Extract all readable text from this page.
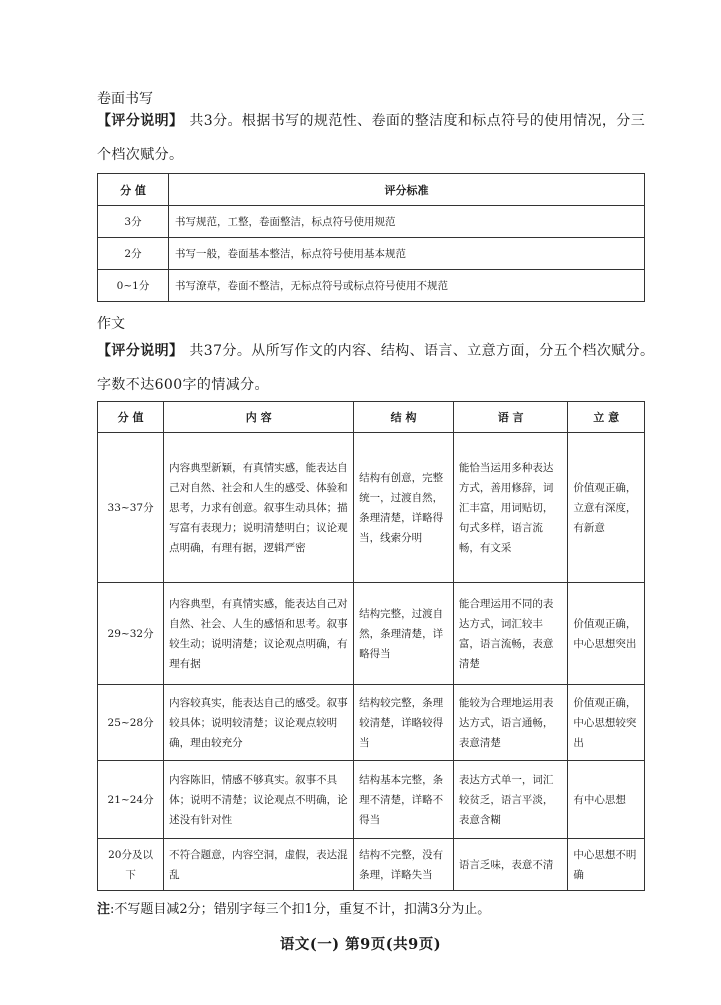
卷面书写
【评分说明】 共3分。根据书写的规范性、卷面的整洁度和标点符号的使用情况，分三个档次赋分。
分 值	评分标准
3分	书写规范，工整，卷面整洁，标点符号使用规范
2分	书写一般，卷面基本整洁，标点符号使用基本规范
0~1分	书写潦草，卷面不整洁，无标点符号或标点符号使用不规范
作文
【评分说明】 共37分。从所写作文的内容、结构、语言、立意方面，分五个档次赋分。字数不达600字的情减分。
分 值	内 容	结 构	语 言	立 意
33~37分	内容典型新颖，有真情实感，能表达自己对自然、社会和人生的感受、体验和思考，力求有创意。叙事生动具体；描写富有表现力；说明清楚明白；议论观点明确，有理有据，逻辑严密	结构有创意，完整统一，过渡自然，条理清楚，详略得当，线索分明	能恰当运用多种表达方式，善用修辞，词汇丰富，用词贴切，句式多样，语言流畅，有文采	价值观正确，立意有深度，有新意
29~32分	内容典型，有真情实感，能表达自己对自然、社会、人生的感悟和思考。叙事较生动；说明清楚；议论观点明确，有理有据	结构完整，过渡自然，条理清楚，详略得当	能合理运用不同的表达方式，词汇较丰富，语言流畅，表意清楚	价值观正确，中心思想突出
25~28分	内容较真实，能表达自己的感受。叙事较具体；说明较清楚；议论观点较明确，理由较充分	结构较完整，条理较清楚，详略较得当	能较为合理地运用表达方式，语言通畅，表意清楚	价值观正确，中心思想较突出
21~24分	内容陈旧，情感不够真实。叙事不具体；说明不清楚；议论观点不明确，论述没有针对性	结构基本完整，条理不清楚，详略不得当	表达方式单一，词汇较贫乏，语言平淡，表意含糊	有中心思想
20分及以下	不符合题意，内容空洞，虚假，表达混乱	结构不完整，没有条理，详略失当	语言乏味，表意不清	中心思想不明确
注:不写题目减2分；错别字每三个扣1分，重复不计，扣满3分为止。
语文(一) 第9页(共9页)
